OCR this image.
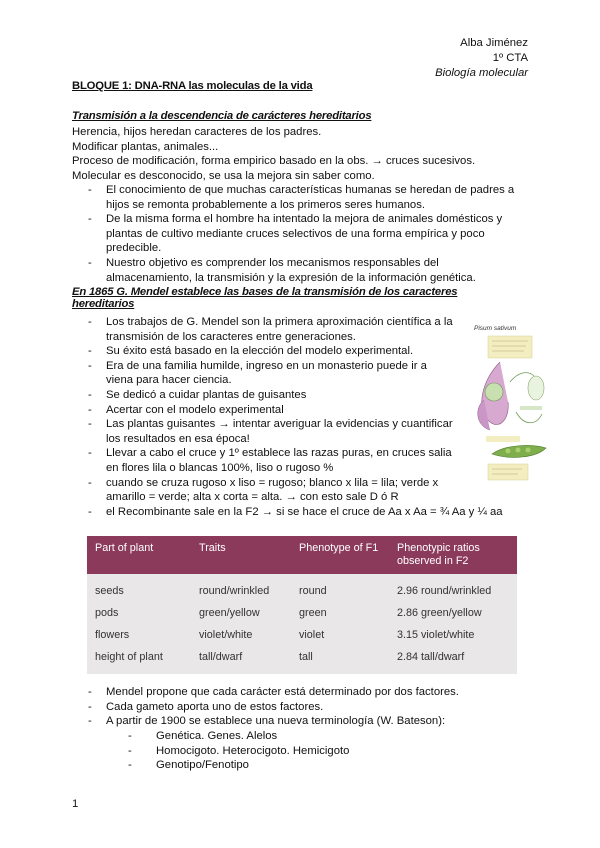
Alba Jiménez
1º CTA
Biología molecular
BLOQUE 1: DNA-RNA las moleculas de la vida
Transmisión a la descendencia de carácteres hereditarios
Herencia, hijos heredan caracteres de los padres.
Modificar plantas, animales...
Proceso de modificación, forma empirico basado en la obs. → cruces sucesivos.
Molecular es desconocido, se usa la mejora sin saber como.
- El conocimiento de que muchas características humanas se heredan de padres a hijos se remonta probablemente a los primeros seres humanos.
- De la misma forma el hombre ha intentado la mejora de animales domésticos y plantas de cultivo mediante cruces selectivos de una forma empírica y poco predecible.
- Nuestro objetivo es comprender los mecanismos responsables del almacenamiento, la transmisión y la expresión de la información genética.
En 1865 G. Mendel establece las bases de la transmisión de los caracteres
hereditarios
- Los trabajos de G. Mendel son la primera aproximación científica a la transmisión de los caracteres entre generaciones.
- Su éxito está basado en la elección del modelo experimental.
- Era de una familia humilde, ingreso en un monasterio puede ir a viena para hacer ciencia.
- Se dedicó a cuidar plantas de guisantes
- Acertar con el modelo experimental
- Las plantas guisantes → intentar averiguar la evidencias y cuantificar los resultados en esa época!
- Llevar a cabo el cruce y 1º establece las razas puras, en cruces salia en flores lila o blancas 100%, liso o rugoso %
- cuando se cruza rugoso x liso = rugoso; blanco x lila = lila; verde x amarillo = verde; alta x corta = alta. → con esto sale D ó R
- el Recombinante sale en la F2 → si se hace el cruce de Aa x Aa = ¾ Aa y ¼ aa
Pisum sativum
Part of plant	Traits	Phenotype of F1	Phenotypic ratios observed in F2
seeds	round/wrinkled	round	2.96 round/wrinkled
pods	green/yellow	green	2.86 green/yellow
flowers	violet/white	violet	3.15 violet/white
height of plant	tall/dwarf	tall	2.84 tall/dwarf
- Mendel propone que cada carácter está determinado por dos factores.
- Cada gameto aporta uno de estos factores.
- A partir de 1900 se establece una nueva terminología (W. Bateson):
- Genética. Genes. Alelos
- Homocigoto. Heterocigoto. Hemicigoto
- Genotipo/Fenotipo
1
